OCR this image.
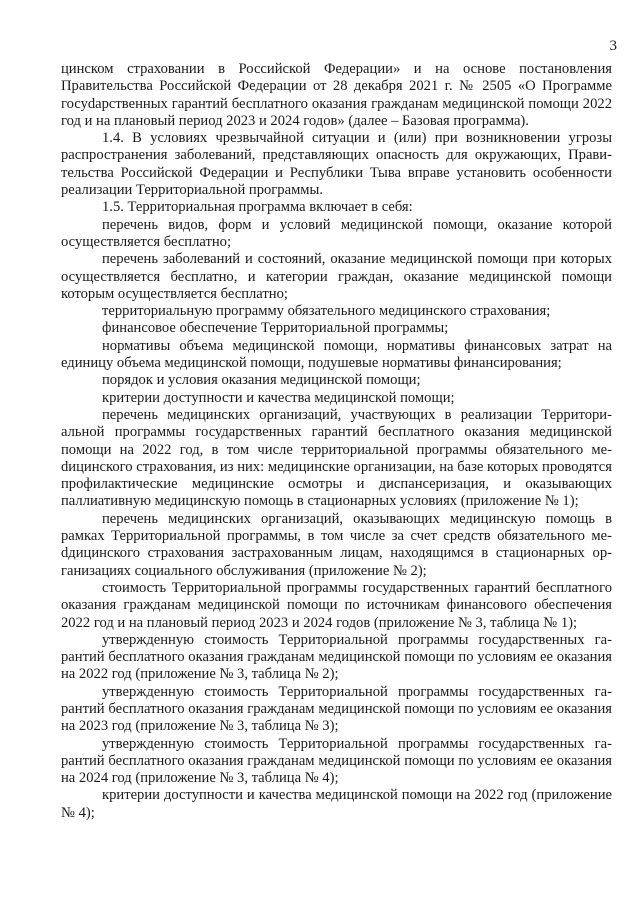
3

цинском страховании в Российской Федерации» и на основе постановления Правительства Российской Федерации от 28 декабря 2021 г. № 2505 «О Программе госуdарственных гарантий бесплатного оказания гражданам медицинской помощи 2022 год и на плановый период 2023 и 2024 годов» (далее – Базовая программа).

1.4. В условиях чрезвычайной ситуации и (или) при возникновении угрозы распространения заболеваний, представляющих опасность для окружающих, Правительства Российской Федерации и Республики Тыва вправе установить особенности реализации Территориальной программы.

1.5. Территориальная программа включает в себя:

перечень видов, форм и условий медицинской помощи, оказание которой осуществляется бесплатно;

перечень заболеваний и состояний, оказание медицинской помощи при которых осуществляется бесплатно, и категории граждан, оказание медицинской помощи которым осуществляется бесплатно;

территориальную программу обязательного медицинского страхования;

финансовое обеспечение Территориальной программы;

нормативы объема медицинской помощи, нормативы финансовых затрат на единицу объема медицинской помощи, подушевые нормативы финансирования;

порядок и условия оказания медицинской помощи;

критерии доступности и качества медицинской помощи;

перечень медицинских организаций, участвующих в реализации Территориальной программы государственных гарантий бесплатного оказания медицинской помощи на 2022 год, в том числе территориальной программы обязательного меdицинского страхования, из них: медицинские организации, на базе которых проводятся профилактические медицинские осмотры и диспансеризация, и оказывающих паллиативную медицинскую помощь в стационарных условиях (приложение № 1);

перечень медицинских организаций, оказывающих медицинскую помощь в рамках Территориальной программы, в том числе за счет средств обязательного меdдицинского страхования застрахованным лицам, находящимся в стационарных организациях социального обслуживания (приложение № 2);

стоимость Территориальной программы государственных гарантий бесплатного оказания гражданам медицинской помощи по источникам финансового обеспечения 2022 год и на плановый период 2023 и 2024 годов (приложение № 3, таблица № 1);

утвержденную стоимость Территориальной программы государственных гарантий бесплатного оказания гражданам медицинской помощи по условиям ее оказания на 2022 год (приложение № 3, таблица № 2);

утвержденную стоимость Территориальной программы государственных гарантий бесплатного оказания гражданам медицинской помощи по условиям ее оказания на 2023 год (приложение № 3, таблица № 3);

утвержденную стоимость Территориальной программы государственных гарантий бесплатного оказания гражданам медицинской помощи по условиям ее оказания на 2024 год (приложение № 3, таблица № 4);

критерии доступности и качества медицинской помощи на 2022 год (приложение № 4);
